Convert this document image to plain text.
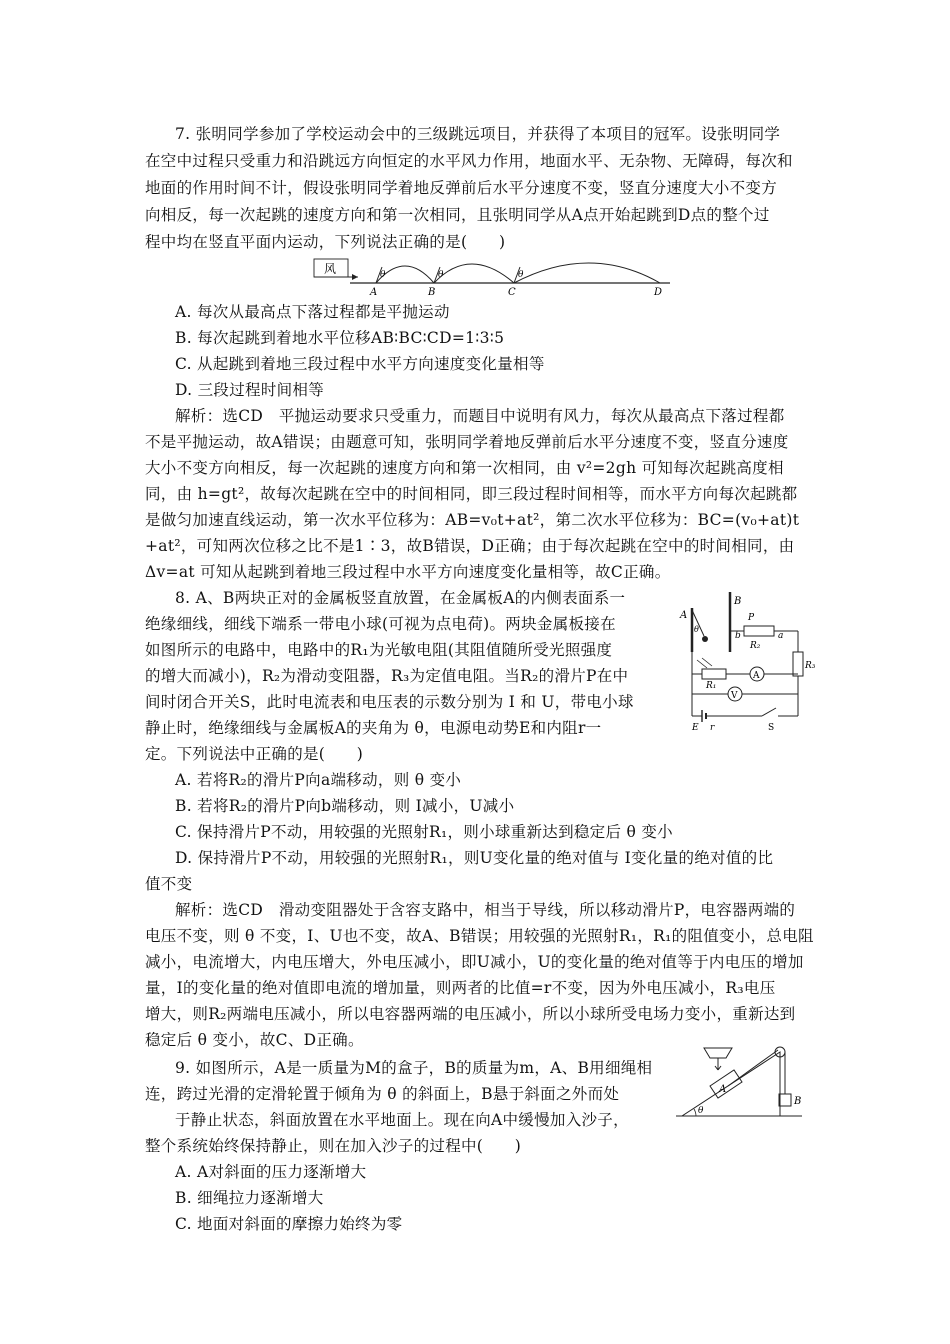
7. 张明同学参加了学校运动会中的三级跳远项目，并获得了本项目的冠军。设张明同学
在空中过程只受重力和沿跳远方向恒定的水平风力作用，地面水平、无杂物、无障碍，每次和
地面的作用时间不计，假设张明同学着地反弹前后水平分速度不变，竖直分速度大小不变方
向相反，每一次起跳的速度方向和第一次相同，且张明同学从A点开始起跳到D点的整个过
程中均在竖直平面内运动，下列说法正确的是(　　)
风	θ	θ	θ
A	B	C	D
A. 每次从最高点下落过程都是平抛运动
B. 每次起跳到着地水平位移AB∶BC∶CD=1∶3∶5
C. 从起跳到着地三段过程中水平方向速度变化量相等
D. 三段过程时间相等
解析：选CD　平抛运动要求只受重力，而题目中说明有风力，每次从最高点下落过程都
不是平抛运动，故A错误；由题意可知，张明同学着地反弹前后水平分速度不变，竖直分速度
大小不变方向相反，每一次起跳的速度方向和第一次相同，由 v²=2gh 可知每次起跳高度相
同，由 h=gt²，故每次起跳在空中的时间相同，即三段过程时间相等，而水平方向每次起跳都
是做匀加速直线运动，第一次水平位移为：AB=v₀t+at²，第二次水平位移为：BC=(v₀+at)t
+at²，可知两次位移之比不是1∶3，故B错误，D正确；由于每次起跳在空中的时间相同，由
Δv=at 可知从起跳到着地三段过程中水平方向速度变化量相等，故C正确。
8. A、B两块正对的金属板竖直放置，在金属板A的内侧表面系一
绝缘细线，细线下端系一带电小球(可视为点电荷)。两块金属板接在
如图所示的电路中，电路中的R₁为光敏电阻(其阻值随所受光照强度
的增大而减小)，R₂为滑动变阻器，R₃为定值电阻。当R₂的滑片P在中
间时闭合开关S，此时电流表和电压表的示数分别为 I 和 U，带电小球
静止时，绝缘细线与金属板A的夹角为 θ，电源电动势E和内阻r一
定。下列说法中正确的是(　　)
A
B
θ
P
b
R₂
a
R₃
R₁
A
V
E r	S
A. 若将R₂的滑片P向a端移动，则 θ 变小
B. 若将R₂的滑片P向b端移动，则 I减小，U减小
C. 保持滑片P不动，用较强的光照射R₁，则小球重新达到稳定后 θ 变小
D. 保持滑片P不动，用较强的光照射R₁，则U变化量的绝对值与 I变化量的绝对值的比
值不变
解析：选CD　滑动变阻器处于含容支路中，相当于导线，所以移动滑片P，电容器两端的
电压不变，则 θ 不变，I、U也不变，故A、B错误；用较强的光照射R₁，R₁的阻值变小，总电阻
减小，电流增大，内电压增大，外电压减小，即U减小，U的变化量的绝对值等于内电压的增加
量，I的变化量的绝对值即电流的增加量，则两者的比值=r不变，因为外电压减小，R₃电压
增大，则R₂两端电压减小，所以电容器两端的电压减小，所以小球所受电场力变小，重新达到
稳定后 θ 变小，故C、D正确。
9. 如图所示，A是一质量为M的盒子，B的质量为m，A、B用细绳相
连，跨过光滑的定滑轮置于倾角为 θ 的斜面上，B悬于斜面之外而处
于静止状态，斜面放置在水平地面上。现在向A中缓慢加入沙子，
整个系统始终保持静止，则在加入沙子的过程中(　　)
B
A
θ
A. A对斜面的压力逐渐增大
B. 细绳拉力逐渐增大
C. 地面对斜面的摩擦力始终为零
